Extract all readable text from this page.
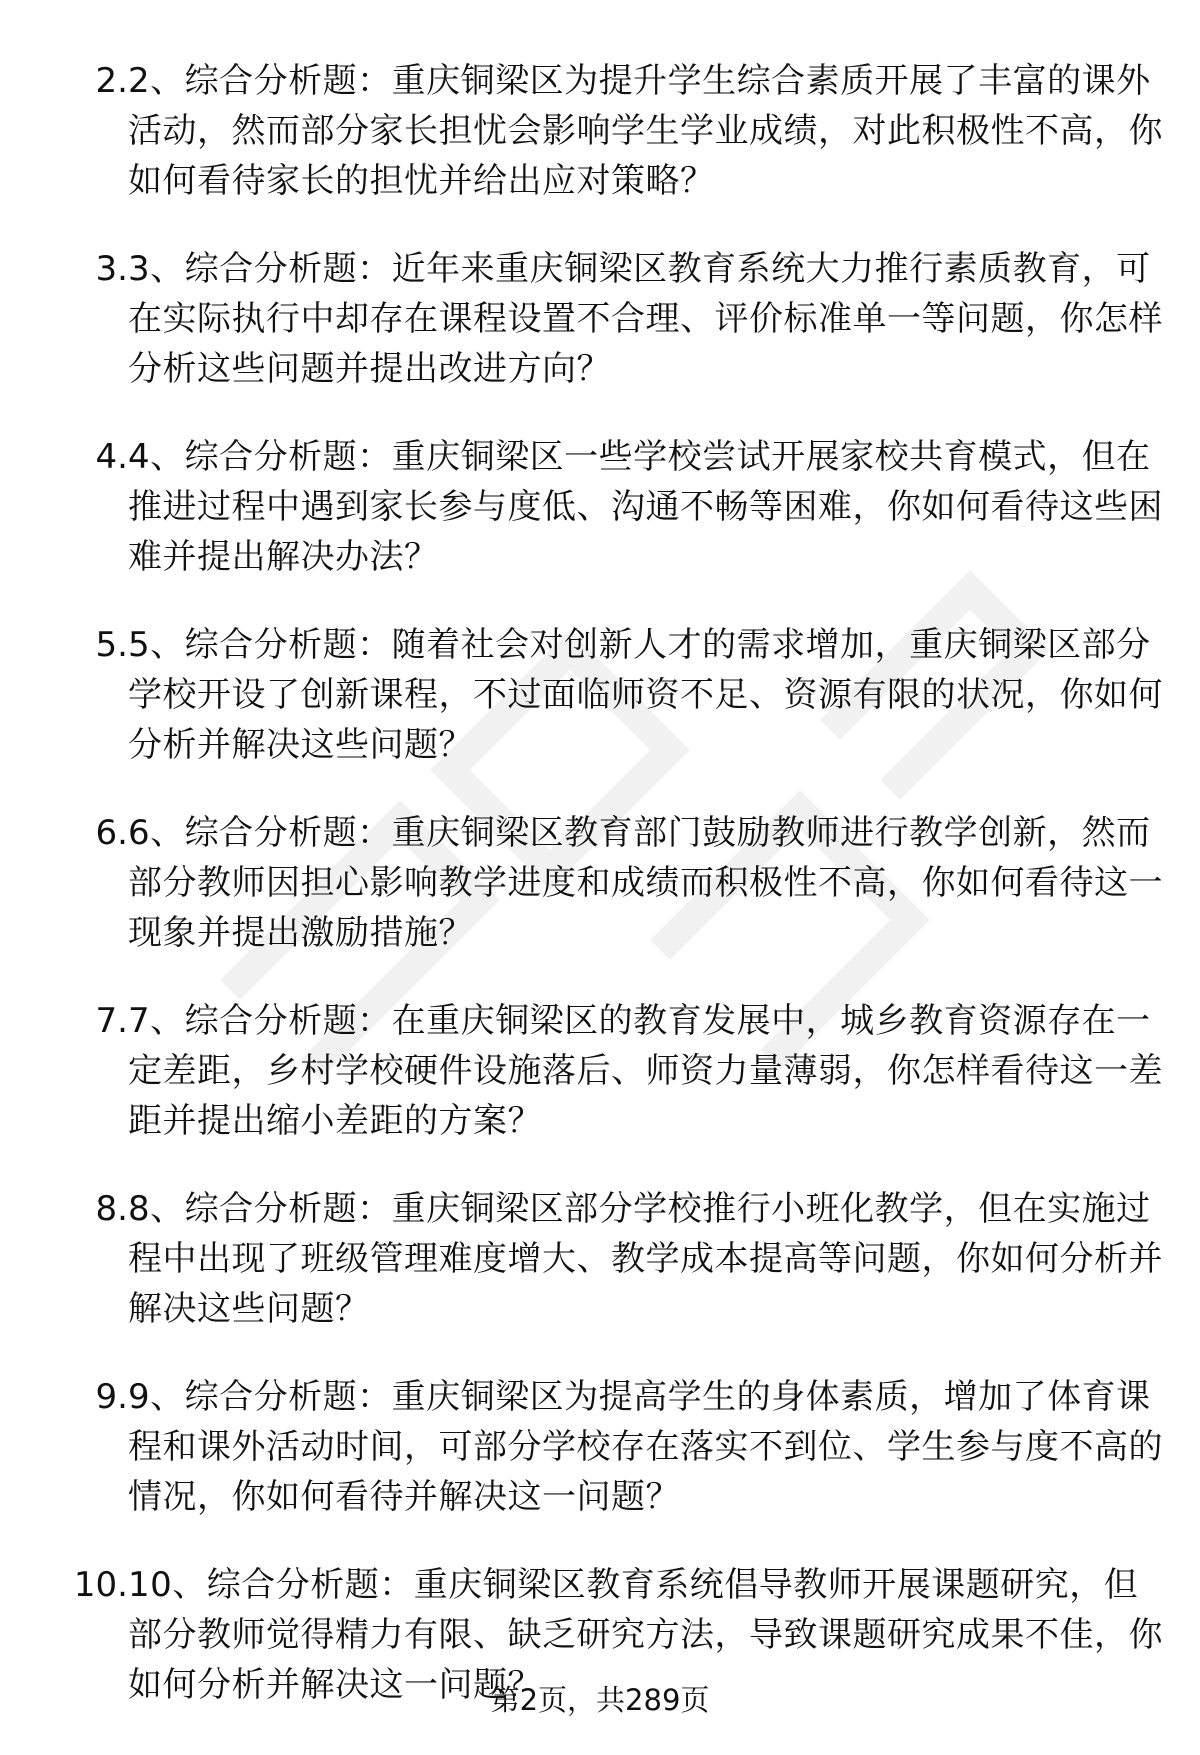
2. 2、综合分析题：重庆铜梁区为提升学生综合素质开展了丰富的课外活动，然而部分家长担忧会影响学生学业成绩，对此积极性不高，你如何看待家长的担忧并给出应对策略？

3. 3、综合分析题：近年来重庆铜梁区教育系统大力推行素质教育，可在实际执行中却存在课程设置不合理、评价标准单一等问题，你怎样分析这些问题并提出改进方向？

4. 4、综合分析题：重庆铜梁区一些学校尝试开展家校共育模式，但在推进过程中遇到家长参与度低、沟通不畅等困难，你如何看待这些困难并提出解决办法？

5. 5、综合分析题：随着社会对创新人才的需求增加，重庆铜梁区部分学校开设了创新课程，不过面临师资不足、资源有限的状况，你如何分析并解决这些问题？

6. 6、综合分析题：重庆铜梁区教育部门鼓励教师进行教学创新，然而部分教师因担心影响教学进度和成绩而积极性不高，你如何看待这一现象并提出激励措施？

7. 7、综合分析题：在重庆铜梁区的教育发展中，城乡教育资源存在一定差距，乡村学校硬件设施落后、师资力量薄弱，你怎样看待这一差距并提出缩小差距的方案？

8. 8、综合分析题：重庆铜梁区部分学校推行小班化教学，但在实施过程中出现了班级管理难度增大、教学成本提高等问题，你如何分析并解决这些问题？

9. 9、综合分析题：重庆铜梁区为提高学生的身体素质，增加了体育课程和课外活动时间，可部分学校存在落实不到位、学生参与度不高的情况，你如何看待并解决这一问题？

10. 10、综合分析题：重庆铜梁区教育系统倡导教师开展课题研究，但部分教师觉得精力有限、缺乏研究方法，导致课题研究成果不佳，你如何分析并解决这一问题？

第2页，共289页
